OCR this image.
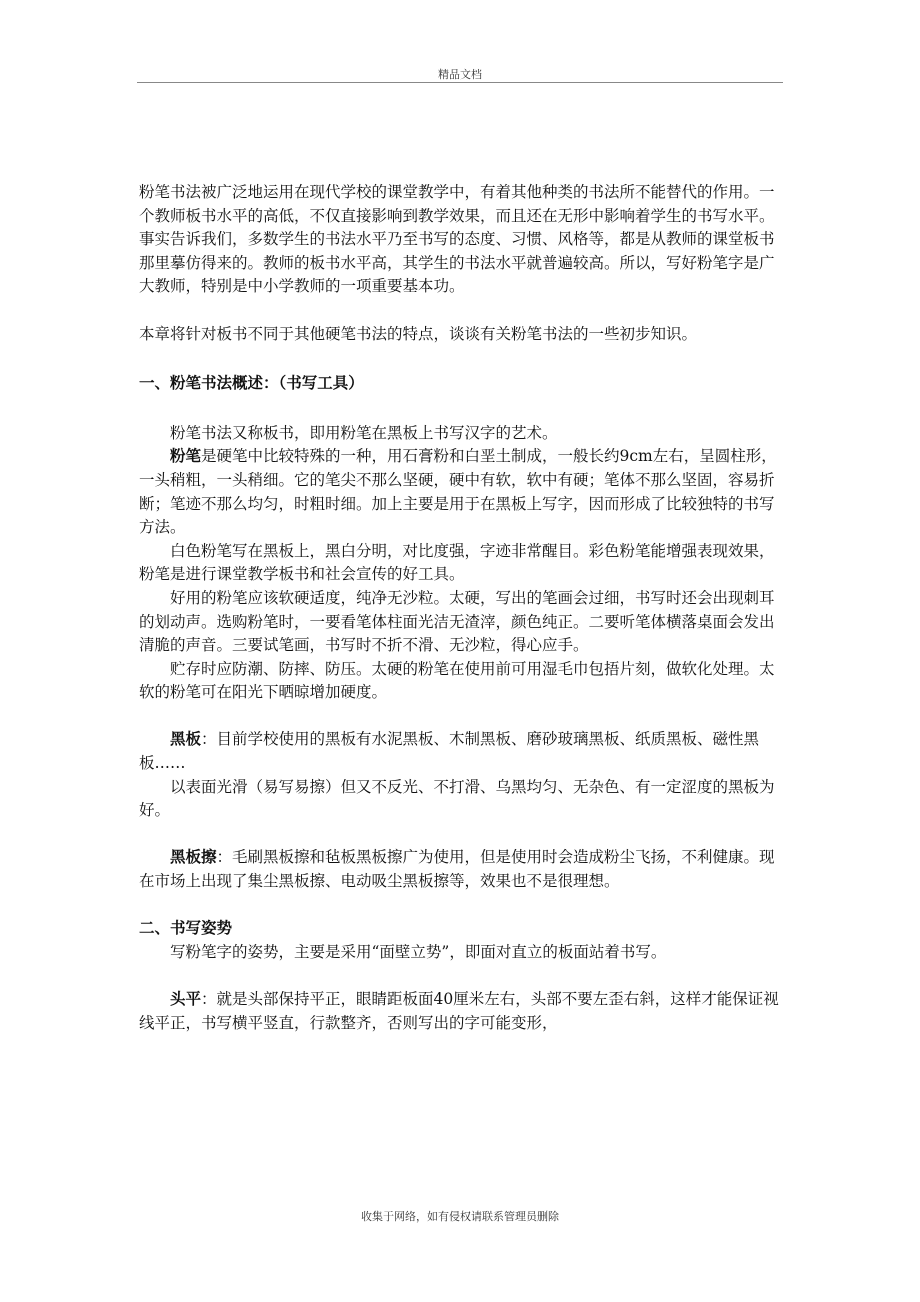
精品文档

粉笔书法被广泛地运用在现代学校的课堂教学中，有着其他种类的书法所不能替代的作用。一个教师板书水平的高低，不仅直接影响到教学效果，而且还在无形中影响着学生的书写水平。事实告诉我们，多数学生的书法水平乃至书写的态度、习惯、风格等，都是从教师的课堂板书那里摹仿得来的。教师的板书水平高，其学生的书法水平就普遍较高。所以，写好粉笔字是广大教师，特别是中小学教师的一项重要基本功。

本章将针对板书不同于其他硬笔书法的特点，谈谈有关粉笔书法的一些初步知识。

一、粉笔书法概述：（书写工具）

粉笔书法又称板书，即用粉笔在黑板上书写汉字的艺术。

粉笔是硬笔中比较特殊的一种，用石膏粉和白垩土制成，一般长约9cm左右，呈圆柱形，一头稍粗，一头稍细。它的笔尖不那么坚硬，硬中有软，软中有硬；笔体不那么坚固，容易折断；笔迹不那么均匀，时粗时细。加上主要是用于在黑板上写字，因而形成了比较独特的书写方法。

白色粉笔写在黑板上，黑白分明，对比度强，字迹非常醒目。彩色粉笔能增强表现效果，粉笔是进行课堂教学板书和社会宣传的好工具。

好用的粉笔应该软硬适度，纯净无沙粒。太硬，写出的笔画会过细，书写时还会出现刺耳的划动声。选购粉笔时，一要看笔体柱面光洁无渣滓，颜色纯正。二要听笔体横落桌面会发出清脆的声音。三要试笔画，书写时不折不滑、无沙粒，得心应手。

贮存时应防潮、防摔、防压。太硬的粉笔在使用前可用湿毛巾包捂片刻，做软化处理。太软的粉笔可在阳光下晒晾增加硬度。

黑板：目前学校使用的黑板有水泥黑板、木制黑板、磨砂玻璃黑板、纸质黑板、磁性黑板……

以表面光滑（易写易擦）但又不反光、不打滑、乌黑均匀、无杂色、有一定涩度的黑板为好。

黑板擦：毛刷黑板擦和毡板黑板擦广为使用，但是使用时会造成粉尘飞扬，不利健康。现在市场上出现了集尘黑板擦、电动吸尘黑板擦等，效果也不是很理想。

二、书写姿势

写粉笔字的姿势，主要是采用“面壁立势”，即面对直立的板面站着书写。

头平：就是头部保持平正，眼睛距板面40厘米左右，头部不要左歪右斜，这样才能保证视线平正，书写横平竖直，行款整齐，否则写出的字可能变形，

收集于网络，如有侵权请联系管理员删除
